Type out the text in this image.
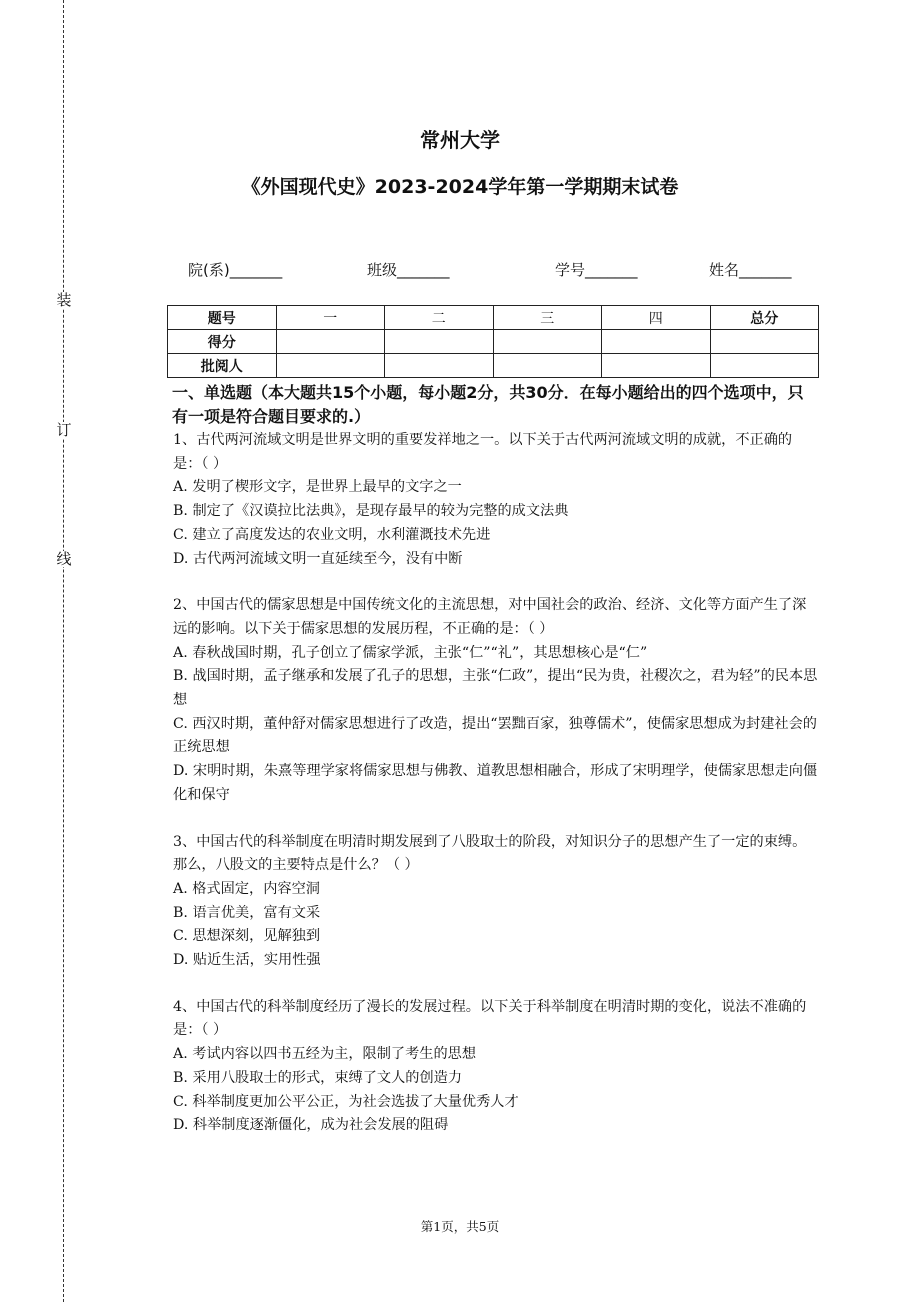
装
订
线
常州大学
《外国现代史》2023-2024学年第一学期期末试卷
院(系)_______	班级_______	学号_______	姓名_______
题号	一	二	三	四	总分
得分					
批阅人					
一、单选题（本大题共15个小题，每小题2分，共30分．在每小题给出的四个选项中，只有一项是符合题目要求的.）

1、古代两河流域文明是世界文明的重要发祥地之一。以下关于古代两河流域文明的成就，不正确的是：（ ）

A. 发明了楔形文字，是世界上最早的文字之一

B. 制定了《汉谟拉比法典》，是现存最早的较为完整的成文法典

C. 建立了高度发达的农业文明，水利灌溉技术先进

D. 古代两河流域文明一直延续至今，没有中断

2、中国古代的儒家思想是中国传统文化的主流思想，对中国社会的政治、经济、文化等方面产生了深远的影响。以下关于儒家思想的发展历程，不正确的是：（ ）

A. 春秋战国时期，孔子创立了儒家学派，主张“仁”“礼”，其思想核心是“仁”

B. 战国时期，孟子继承和发展了孔子的思想，主张“仁政”，提出“民为贵，社稷次之，君为轻”的民本思想

C. 西汉时期，董仲舒对儒家思想进行了改造，提出“罢黜百家，独尊儒术”，使儒家思想成为封建社会的正统思想

D. 宋明时期，朱熹等理学家将儒家思想与佛教、道教思想相融合，形成了宋明理学，使儒家思想走向僵化和保守

3、中国古代的科举制度在明清时期发展到了八股取士的阶段，对知识分子的思想产生了一定的束缚。那么，八股文的主要特点是什么？（ ）

A. 格式固定，内容空洞

B. 语言优美，富有文采

C. 思想深刻，见解独到

D. 贴近生活，实用性强

4、中国古代的科举制度经历了漫长的发展过程。以下关于科举制度在明清时期的变化，说法不准确的是：（ ）

A. 考试内容以四书五经为主，限制了考生的思想

B. 采用八股取士的形式，束缚了文人的创造力

C. 科举制度更加公平公正，为社会选拔了大量优秀人才

D. 科举制度逐渐僵化，成为社会发展的阻碍

第1页，共5页
